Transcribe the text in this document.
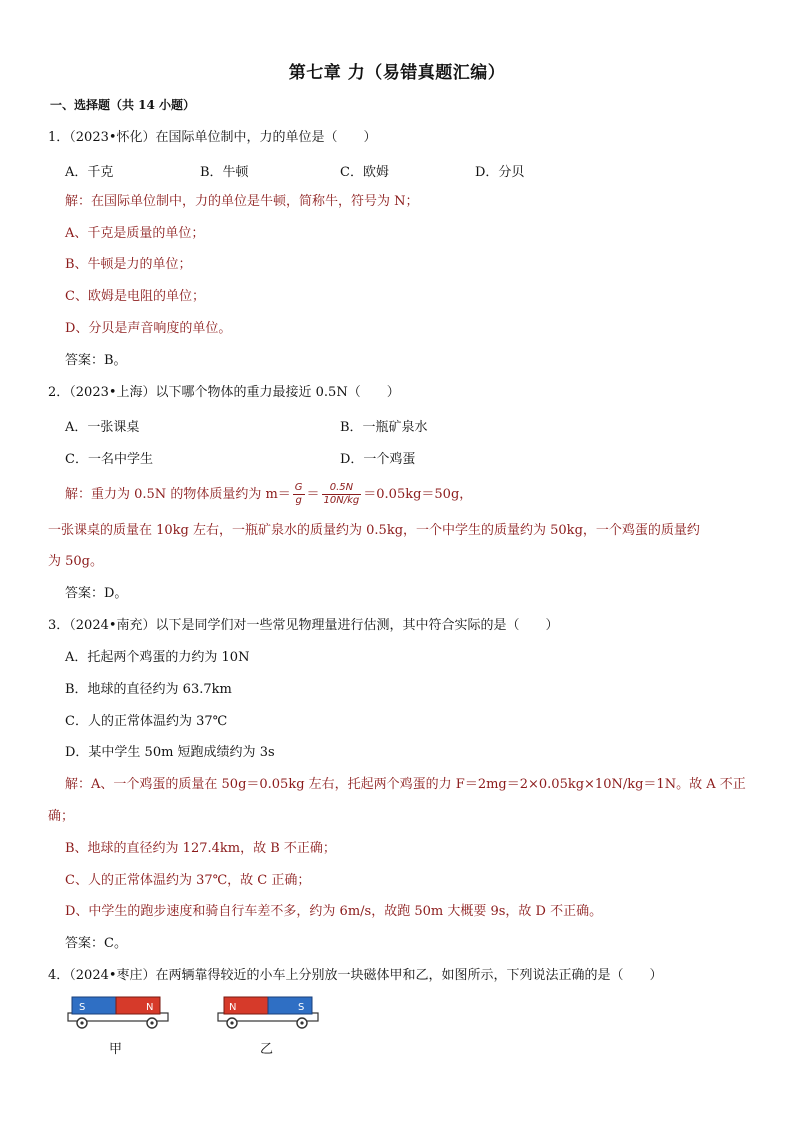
第七章 力（易错真题汇编）
一、选择题（共 14 小题）
1．（2023•怀化）在国际单位制中，力的单位是（　　）
A．千克	B．牛顿	C．欧姆	D．分贝
解：在国际单位制中，力的单位是牛顿，简称牛，符号为 N；
A、千克是质量的单位；
B、牛顿是力的单位；
C、欧姆是电阻的单位；
D、分贝是声音响度的单位。
答案：B。
2．（2023•上海）以下哪个物体的重力最接近 0.5N（　　）
A．一张课桌	B．一瓶矿泉水
C．一名中学生	D．一个鸡蛋
解：重力为 0.5N 的物体质量约为 $m= \frac{G}{g} = \frac{0.5N}{10N/kg} =0.05kg=50g$，
一张课桌的质量在 10kg 左右，一瓶矿泉水的质量约为 0.5kg，一个中学生的质量约为 50kg，一个鸡蛋的质量约
为 50g。
答案：D。
3．（2024•南充）以下是同学们对一些常见物理量进行估测，其中符合实际的是（　　）
A．托起两个鸡蛋的力约为 10N
B．地球的直径约为 63.7km
C．人的正常体温约为 37℃
D．某中学生 50m 短跑成绩约为 3s
解：A、一个鸡蛋的质量在 50g＝0.05kg 左右，托起两个鸡蛋的力 F＝2mg＝2×0.05kg×10N/kg＝1N。故 A 不正
确；
B、地球的直径约为 127.4km，故 B 不正确；
C、人的正常体温约为 37℃，故 C 正确；
D、中学生的跑步速度和骑自行车差不多，约为 6m/s，故跑 50m 大概要 9s，故 D 不正确。
答案：C。
4．（2024•枣庄）在两辆靠得较近的小车上分别放一块磁体甲和乙，如图所示，下列说法正确的是（　　）
S	N	N	S
甲	乙
